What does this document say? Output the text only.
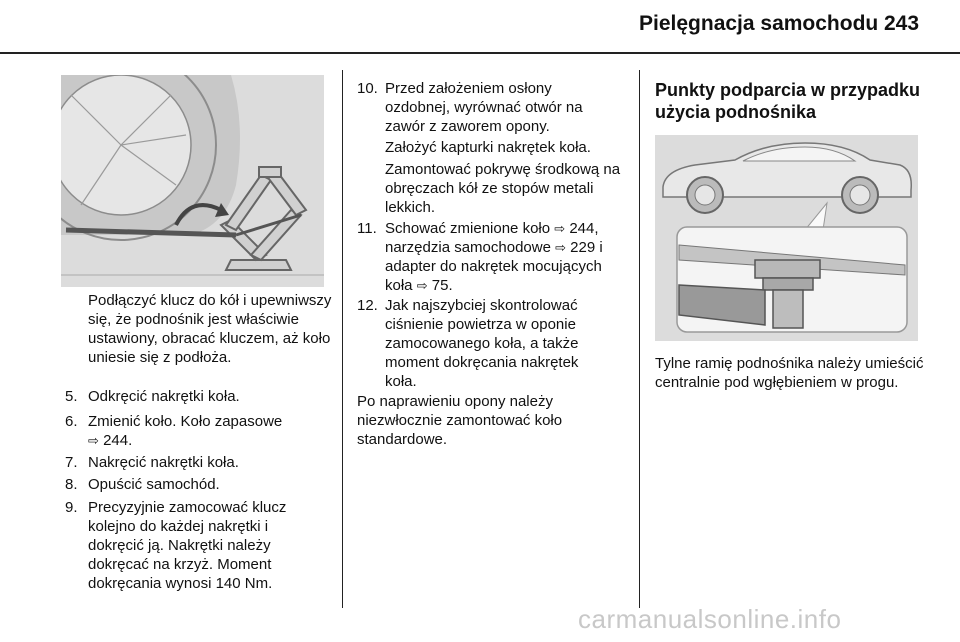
Pielęgnacja samochodu 243
Podłączyć klucz do kół i upewniwszy się, że podnośnik jest właściwie ustawiony, obracać kluczem, aż koło uniesie się z podłoża.
5. Odkręcić nakrętki koła.
6. Zmienić koło. Koło zapasowe
⇨ 244.
7. Nakręcić nakrętki koła.
8. Opuścić samochód.
9. Precyzyjnie zamocować klucz kolejno do każdej nakrętki i dokręcić ją. Nakrętki należy dokręcać na krzyż. Moment dokręcania wynosi 140 Nm.
10. Przed założeniem osłony ozdobnej, wyrównać otwór na zawór z zaworem opony.
Założyć kapturki nakrętek koła.
Zamontować pokrywę środkową na obręczach kół ze stopów metali lekkich.
11. Schować zmienione koło ⇨ 244,
narzędzia samochodowe ⇨ 229 i
adapter do nakrętek mocujących
koła ⇨ 75.
12. Jak najszybciej skontrolować ciśnienie powietrza w oponie zamocowanego koła, a także moment dokręcania nakrętek koła.
Po naprawieniu opony należy niezwłocznie zamontować koło standardowe.
Punkty podparcia w przypadku użycia podnośnika
Tylne ramię podnośnika należy umieścić centralnie pod wgłębieniem w progu.
carmanualsonline.info
